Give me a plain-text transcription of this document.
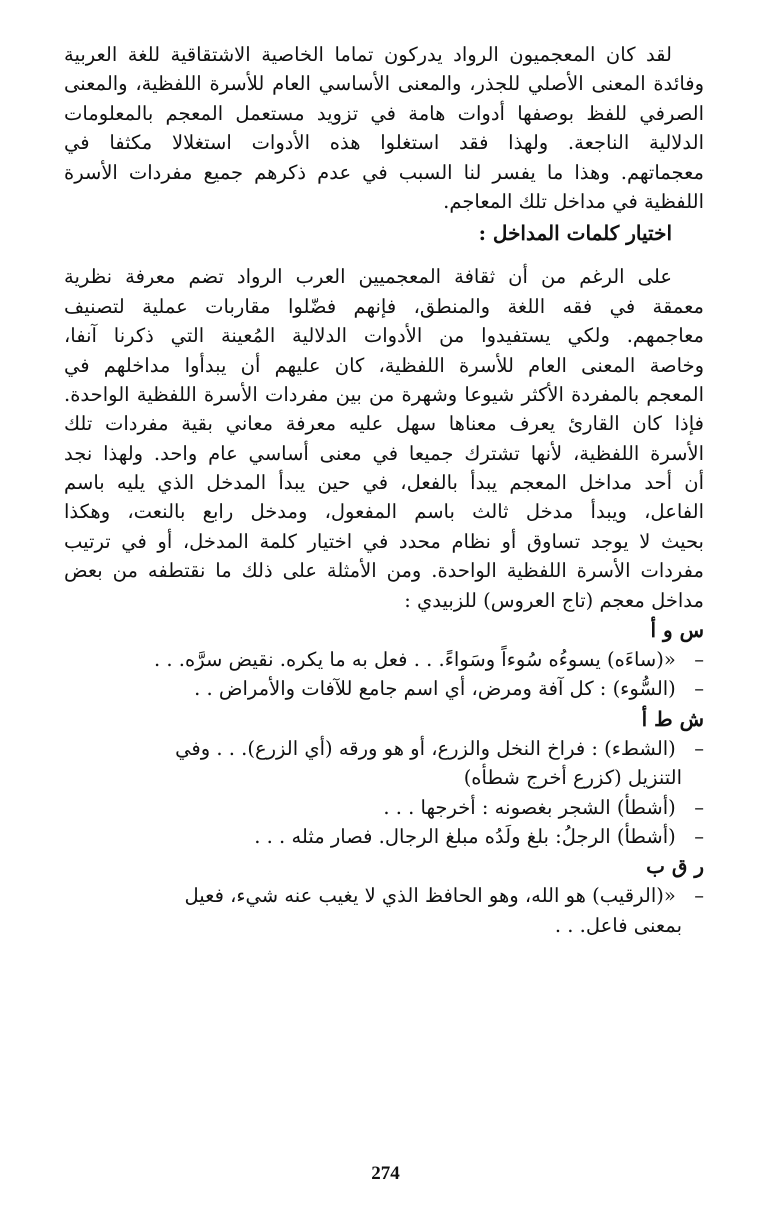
لقد كان المعجميون الرواد يدركون تماما الخاصية الاشتقاقية للغة العربية
وفائدة المعنى الأصلي للجذر، والمعنى الأساسي العام للأسرة اللفظية، والمعنى
الصرفي للفظ بوصفها أدوات هامة في تزويد مستعمل المعجم بالمعلومات
الدلالية الناجعة. ولهذا فقد استغلوا هذه الأدوات استغلالا مكثفا في
معجماتهم. وهذا ما يفسر لنا السبب في عدم ذكرهم جميع مفردات الأسرة
اللفظية في مداخل تلك المعاجم.
اختيار كلمات المداخل :
على الرغم من أن ثقافة المعجميين العرب الرواد تضم معرفة نظرية
معمقة في فقه اللغة والمنطق، فإنهم فضّلوا مقاربات عملية لتصنيف
معاجمهم. ولكي يستفيدوا من الأدوات الدلالية المُعينة التي ذكرنا آنفا،
وخاصة المعنى العام للأسرة اللفظية، كان عليهم أن يبدأوا مداخلهم في
المعجم بالمفردة الأكثر شيوعا وشهرة من بين مفردات الأسرة اللفظية الواحدة.
فإذا كان القارئ يعرف معناها سهل عليه معرفة معاني بقية مفردات تلك
الأسرة اللفظية، لأنها تشترك جميعا في معنى أساسي عام واحد. ولهذا نجد
أن أحد مداخل المعجم يبدأ بالفعل، في حين يبدأ المدخل الذي يليه باسم
الفاعل، ويبدأ مدخل ثالث باسم المفعول، ومدخل رابع بالنعت، وهكذا
بحيث لا يوجد تساوق أو نظام محدد في اختيار كلمة المدخل، أو في ترتيب
مفردات الأسرة اللفظية الواحدة. ومن الأمثلة على ذلك ما نقتطفه من بعض
مداخل معجم (تاج العروس) للزبيدي :
س و أ
– «(ساءَه) يسوءُه سُوءاً وسَواءً. . . فعل به ما يكره. نقيض سرَّه. . .
– (السُّوء) : كل آفة ومرض، أي اسم جامع للآفات والأمراض . .
ش ط أ
– (الشطء) : فراخ النخل والزرع، أو هو ورقه (أي الزرع). . . وفي
التنزيل (كزرع أخرج شطأه)
– (أشطأ) الشجر بغصونه : أخرجها . . .
– (أشطأ) الرجلُ: بلغ ولَدُه مبلغ الرجال. فصار مثله . . .
ر ق ب
– «(الرقيب) هو الله، وهو الحافظ الذي لا يغيب عنه شيء، فعيل
بمعنى فاعل. . .
274
